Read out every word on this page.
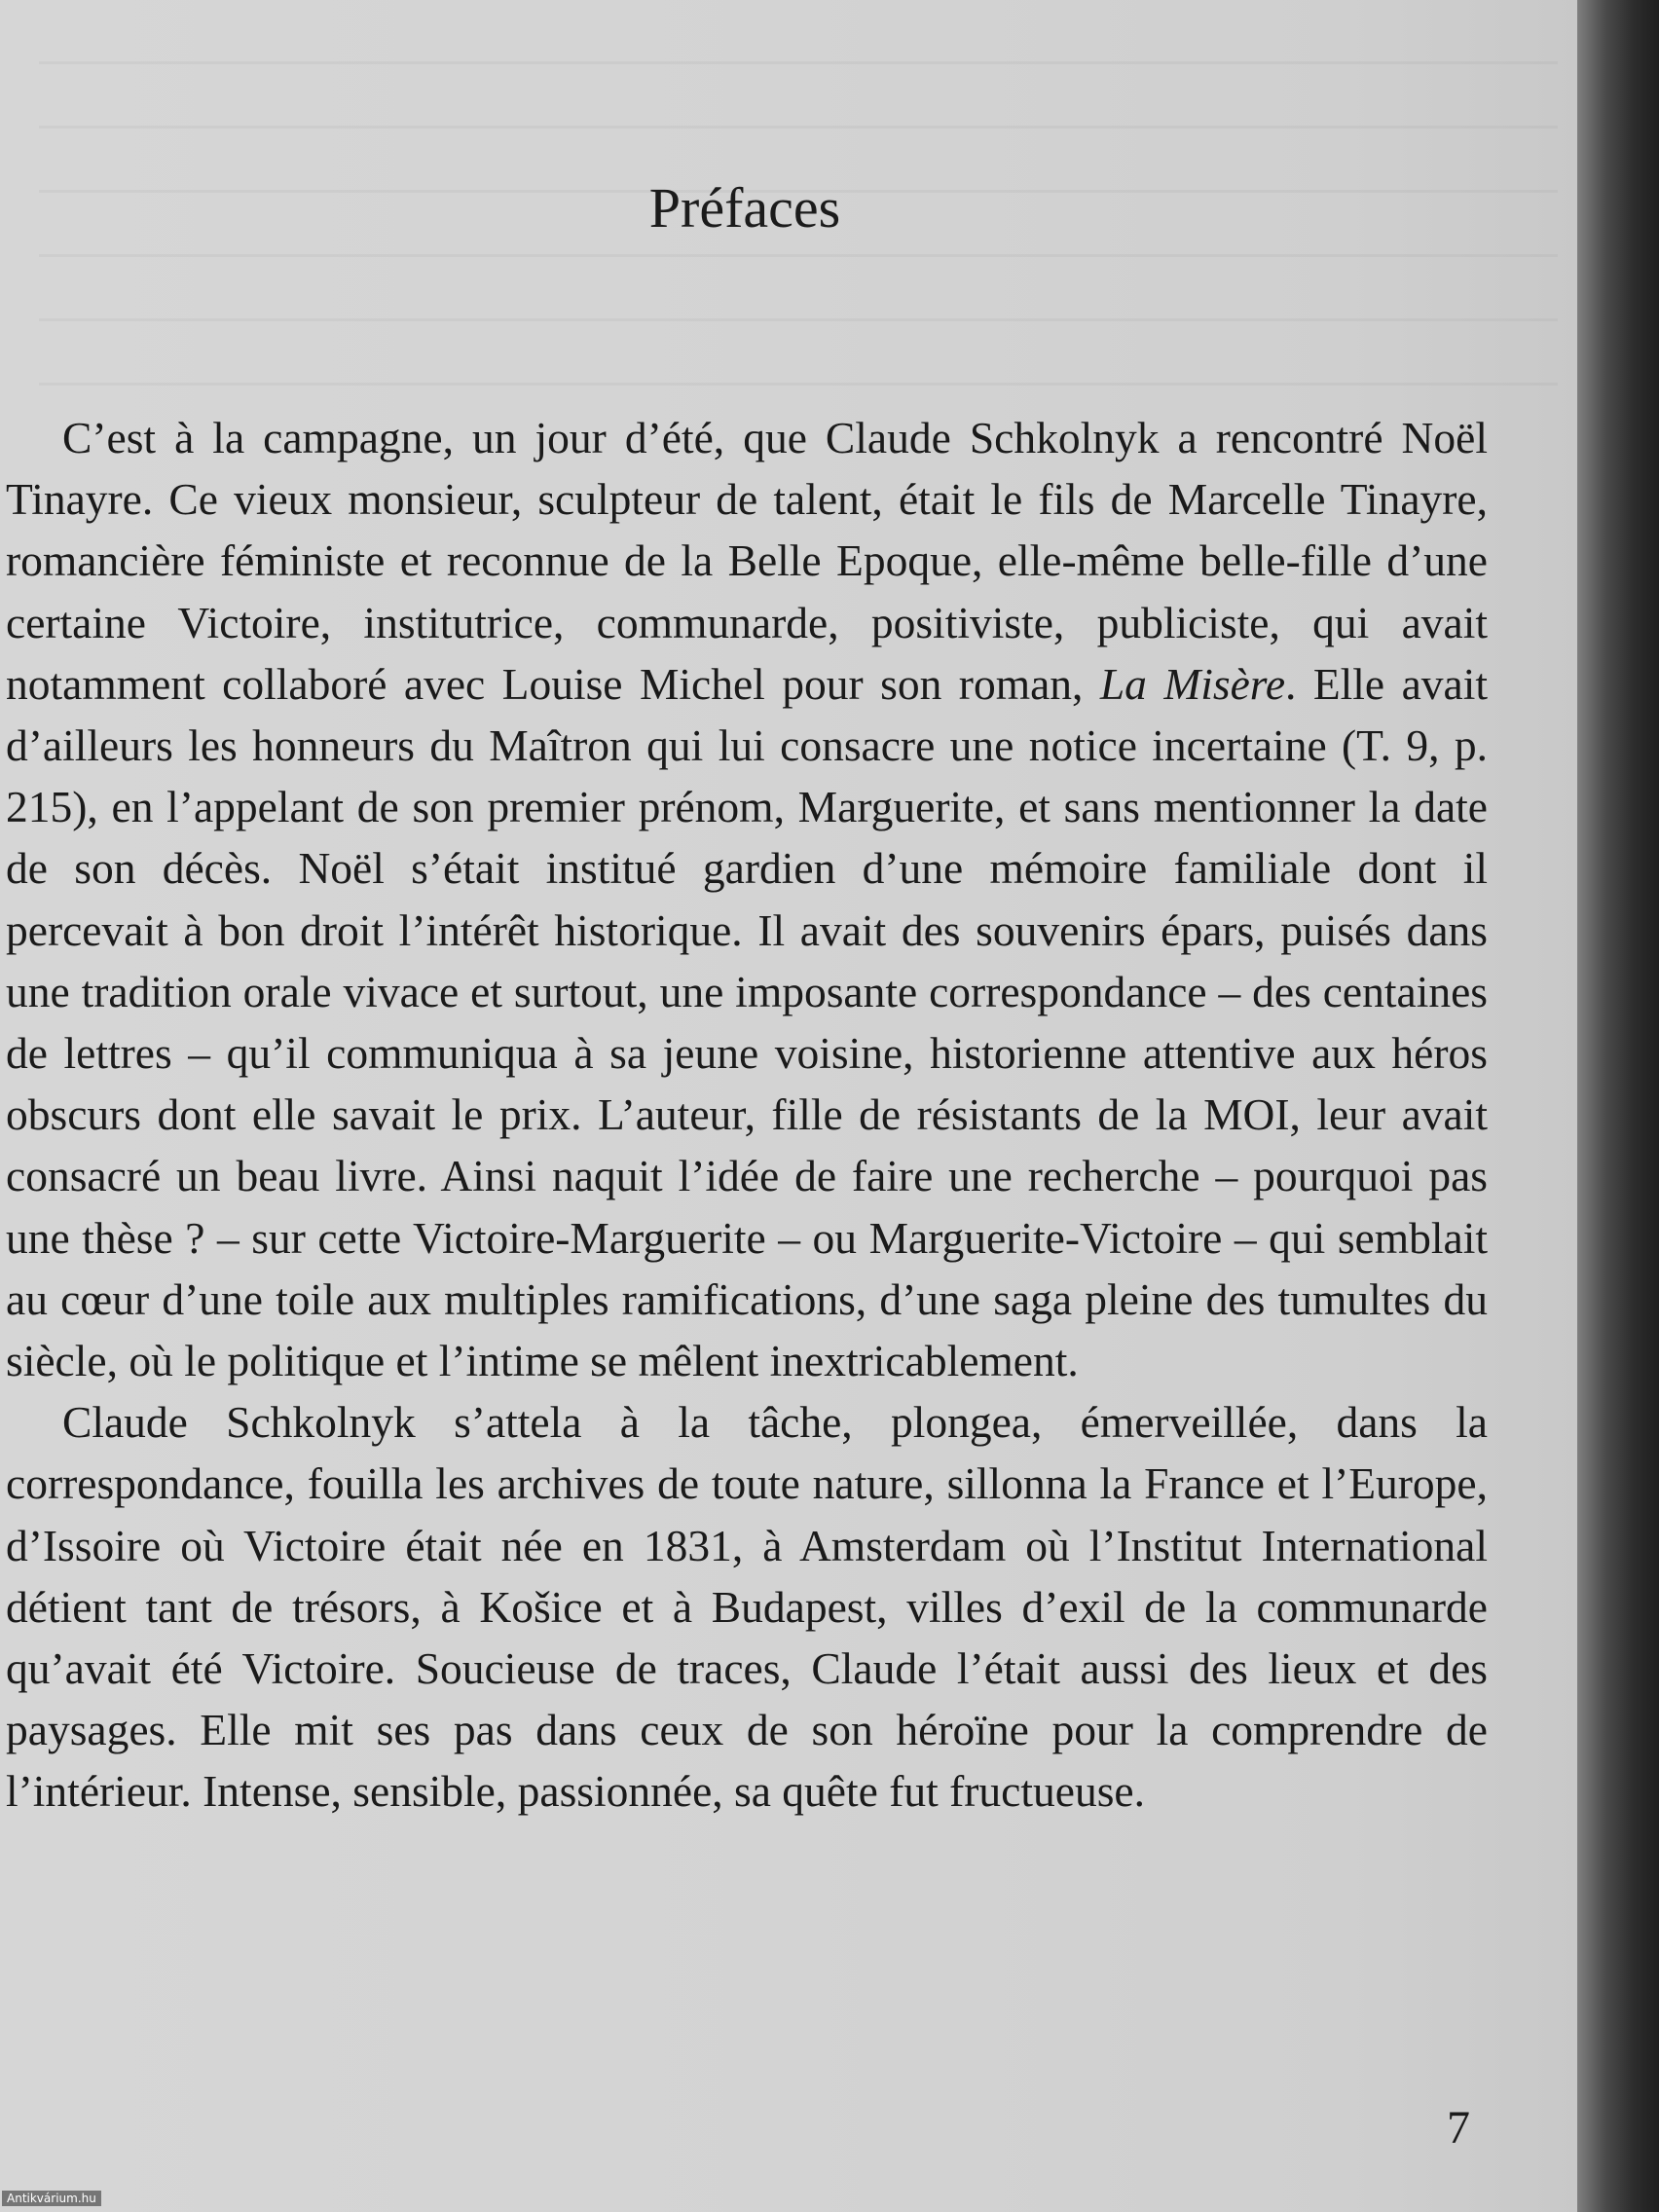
Préfaces

C’est à la campagne, un jour d’été, que Claude Schkolnyk a rencontré Noël Tinayre. Ce vieux monsieur, sculpteur de talent, était le fils de Marcelle Tinayre, romancière féministe et reconnue de la Belle Epoque, elle-même belle-fille d’une certaine Victoire, institutrice, communarde, positiviste, publiciste, qui avait notamment collaboré avec Louise Michel pour son roman, La Misère. Elle avait d’ailleurs les honneurs du Maîtron qui lui consacre une notice incertaine (T. 9, p. 215), en l’appelant de son premier prénom, Marguerite, et sans mentionner la date de son décès. Noël s’était institué gardien d’une mémoire familiale dont il percevait à bon droit l’intérêt historique. Il avait des souvenirs épars, puisés dans une tradition orale vivace et surtout, une imposante correspondance – des centaines de lettres – qu’il communiqua à sa jeune voisine, historienne attentive aux héros obscurs dont elle savait le prix. L’auteur, fille de résistants de la MOI, leur avait consacré un beau livre. Ainsi naquit l’idée de faire une recherche – pourquoi pas une thèse ? – sur cette Victoire-Marguerite – ou Marguerite-Victoire – qui semblait au cœur d’une toile aux multiples ramifications, d’une saga pleine des tumultes du siècle, où le politique et l’intime se mêlent inextricablement.

Claude Schkolnyk s’attela à la tâche, plongea, émerveillée, dans la correspondance, fouilla les archives de toute nature, sillonna la France et l’Europe, d’Issoire où Victoire était née en 1831, à Amsterdam où l’Institut International détient tant de trésors, à Košice et à Budapest, villes d’exil de la communarde qu’avait été Victoire. Soucieuse de traces, Claude l’était aussi des lieux et des paysages. Elle mit ses pas dans ceux de son héroïne pour la comprendre de l’intérieur. Intense, sensible, passionnée, sa quête fut fructueuse.

7
Antikvárium.hu
